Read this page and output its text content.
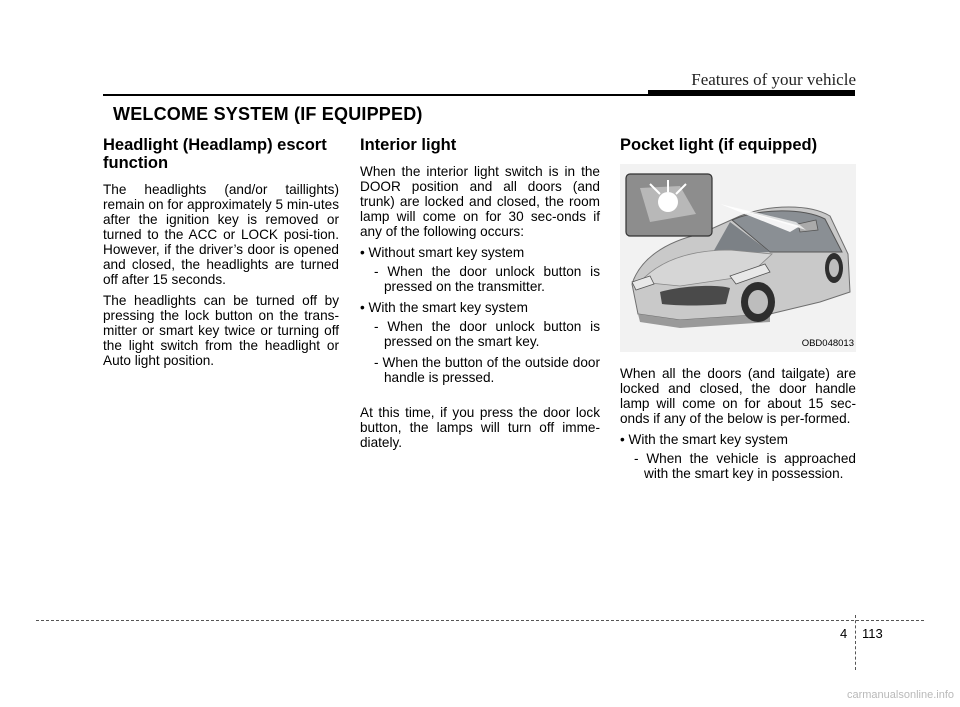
Features of your vehicle
WELCOME SYSTEM (IF EQUIPPED)
Headlight (Headlamp) escort function

The headlights (and/or taillights) remain on for approximately 5 min-utes after the ignition key is removed or turned to the ACC or LOCK posi-tion. However, if the driver’s door is opened and closed, the headlights are turned off after 15 seconds.

The headlights can be turned off by pressing the lock button on the trans-mitter or smart key twice or turning off the light switch from the headlight or Auto light position.

Interior light

When the interior light switch is in the DOOR position and all doors (and trunk) are locked and closed, the room lamp will come on for 30 sec-onds if any of the following occurs:

• Without smart key system
- When the door unlock button is pressed on the transmitter.
• With the smart key system
- When the door unlock button is pressed on the smart key.
- When the button of the outside door handle is pressed.

At this time, if you press the door lock button, the lamps will turn off imme-diately.

Pocket light (if equipped)
OBD048013

When all the doors (and tailgate) are locked and closed, the door handle lamp will come on for about 15 sec-onds if any of the below is per-formed.

• With the smart key system
- When the vehicle is approached with the smart key in possession.
4 113
carmanualsonline.info
